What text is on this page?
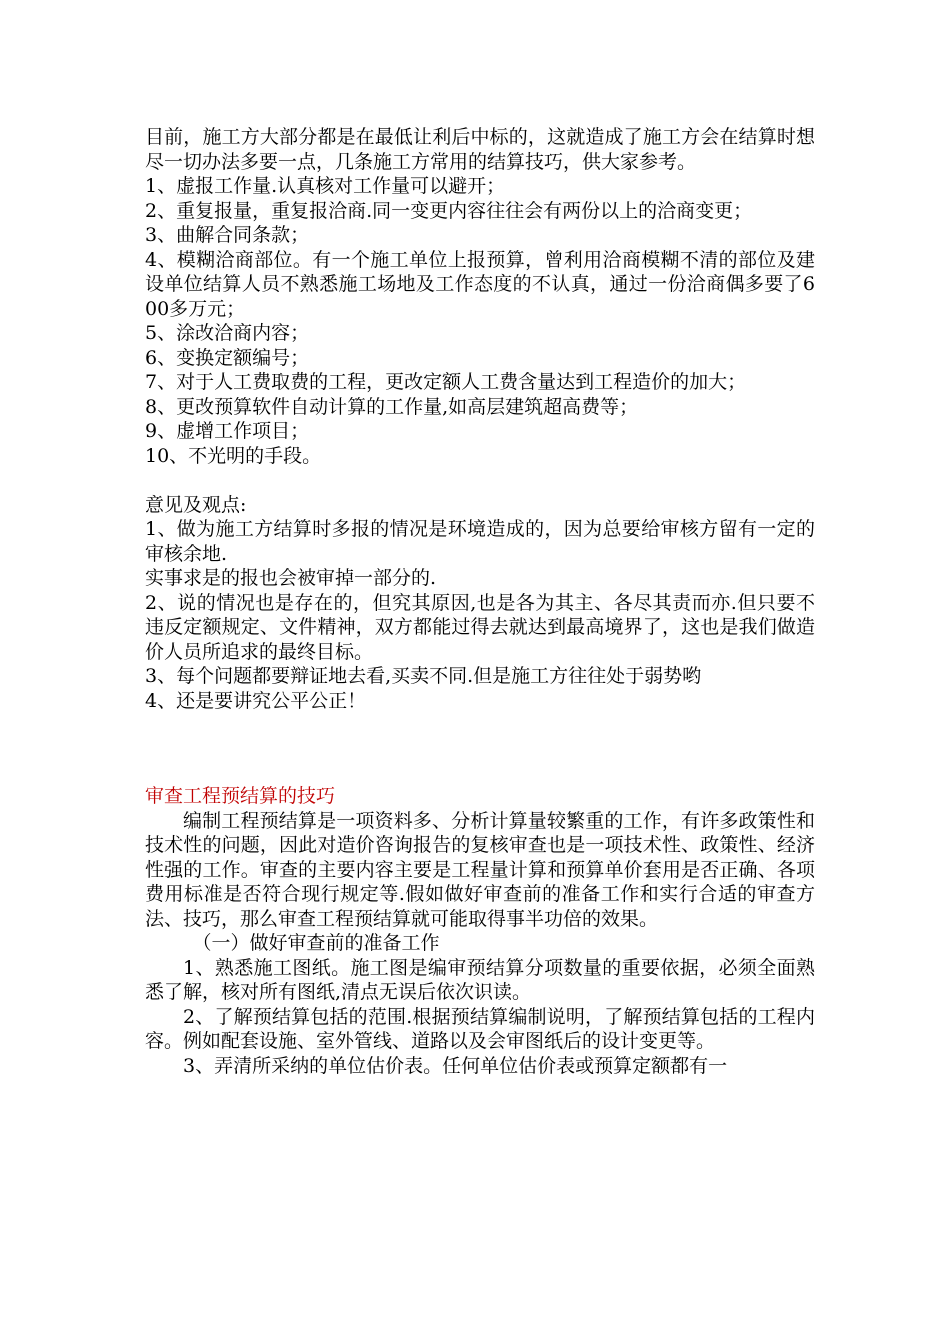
目前，施工方大部分都是在最低让利后中标的，这就造成了施工方会在结算时想尽一切办法多要一点，几条施工方常用的结算技巧，供大家参考。

1、虚报工作量.认真核对工作量可以避开；

2、重复报量，重复报洽商.同一变更内容往往会有两份以上的洽商变更；

3、曲解合同条款；

4、模糊洽商部位。有一个施工单位上报预算，曾利用洽商模糊不清的部位及建设单位结算人员不熟悉施工场地及工作态度的不认真，通过一份洽商偶多要了600多万元；

5、涂改洽商内容；

6、变换定额编号；

7、对于人工费取费的工程，更改定额人工费含量达到工程造价的加大；

8、更改预算软件自动计算的工作量,如高层建筑超高费等；

9、虚增工作项目；

10、不光明的手段。

意见及观点:

1、做为施工方结算时多报的情况是环境造成的，因为总要给审核方留有一定的审核余地.

实事求是的报也会被审掉一部分的.

2、说的情况也是存在的，但究其原因,也是各为其主、各尽其责而亦.但只要不违反定额规定、文件精神，双方都能过得去就达到最高境界了，这也是我们做造价人员所追求的最终目标。

3、每个问题都要辩证地去看,买卖不同.但是施工方往往处于弱势哟

4、还是要讲究公平公正！

审查工程预结算的技巧

编制工程预结算是一项资料多、分析计算量较繁重的工作，有许多政策性和技术性的问题，因此对造价咨询报告的复核审查也是一项技术性、政策性、经济性强的工作。审查的主要内容主要是工程量计算和预算单价套用是否正确、各项费用标准是否符合现行规定等.假如做好审查前的准备工作和实行合适的审查方法、技巧，那么审查工程预结算就可能取得事半功倍的效果。

（一）做好审查前的准备工作

1、熟悉施工图纸。施工图是编审预结算分项数量的重要依据，必须全面熟悉了解，核对所有图纸,清点无误后依次识读。

2、了解预结算包括的范围.根据预结算编制说明，了解预结算包括的工程内容。例如配套设施、室外管线、道路以及会审图纸后的设计变更等。

3、弄清所采纳的单位估价表。任何单位估价表或预算定额都有一
